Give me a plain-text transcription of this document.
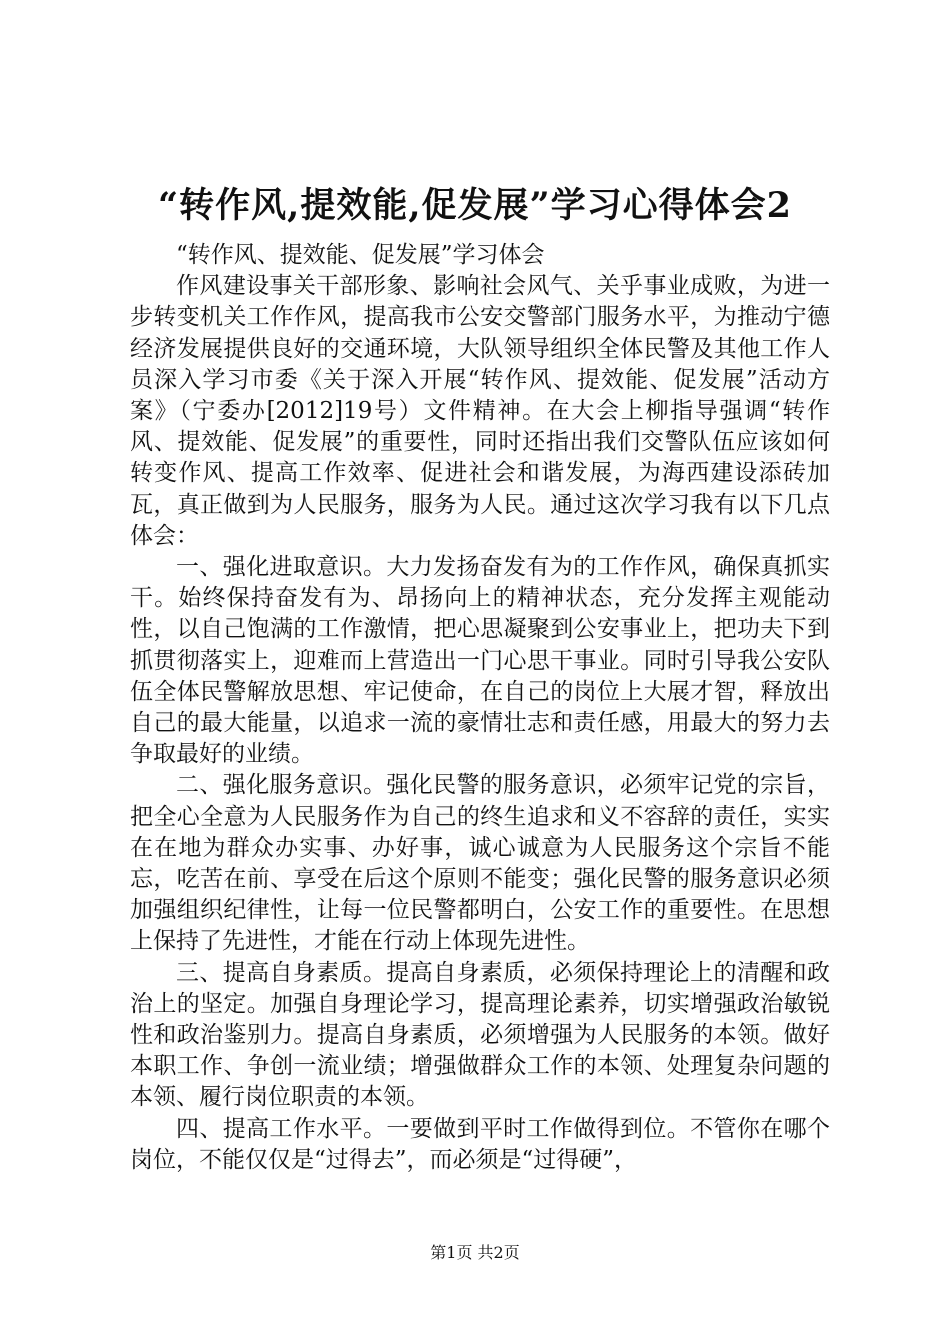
“转作风,提效能,促发展”学习心得体会2

“转作风、提效能、促发展”学习体会

作风建设事关干部形象、影响社会风气、关乎事业成败，为进一步转变机关工作作风，提高我市公安交警部门服务水平，为推动宁德经济发展提供良好的交通环境，大队领导组织全体民警及其他工作人员深入学习市委《关于深入开展“转作风、提效能、促发展”活动方案》（宁委办[2012]19号）文件精神。在大会上柳指导强调“转作风、提效能、促发展”的重要性，同时还指出我们交警队伍应该如何转变作风、提高工作效率、促进社会和谐发展，为海西建设添砖加瓦，真正做到为人民服务，服务为人民。通过这次学习我有以下几点体会：

一、强化进取意识。大力发扬奋发有为的工作作风，确保真抓实干。始终保持奋发有为、昂扬向上的精神状态，充分发挥主观能动性，以自己饱满的工作激情，把心思凝聚到公安事业上，把功夫下到抓贯彻落实上，迎难而上营造出一门心思干事业。同时引导我公安队伍全体民警解放思想、牢记使命，在自己的岗位上大展才智，释放出自己的最大能量，以追求一流的豪情壮志和责任感，用最大的努力去争取最好的业绩。

二、强化服务意识。强化民警的服务意识，必须牢记党的宗旨，把全心全意为人民服务作为自己的终生追求和义不容辞的责任，实实在在地为群众办实事、办好事，诚心诚意为人民服务这个宗旨不能忘，吃苦在前、享受在后这个原则不能变；强化民警的服务意识必须加强组织纪律性，让每一位民警都明白，公安工作的重要性。在思想上保持了先进性，才能在行动上体现先进性。

三、提高自身素质。提高自身素质，必须保持理论上的清醒和政治上的坚定。加强自身理论学习，提高理论素养，切实增强政治敏锐性和政治鉴别力。提高自身素质，必须增强为人民服务的本领。做好本职工作、争创一流业绩；增强做群众工作的本领、处理复杂问题的本领、履行岗位职责的本领。

四、提高工作水平。一要做到平时工作做得到位。不管你在哪个岗位，不能仅仅是“过得去”，而必须是“过得硬”，

第1页 共2页
